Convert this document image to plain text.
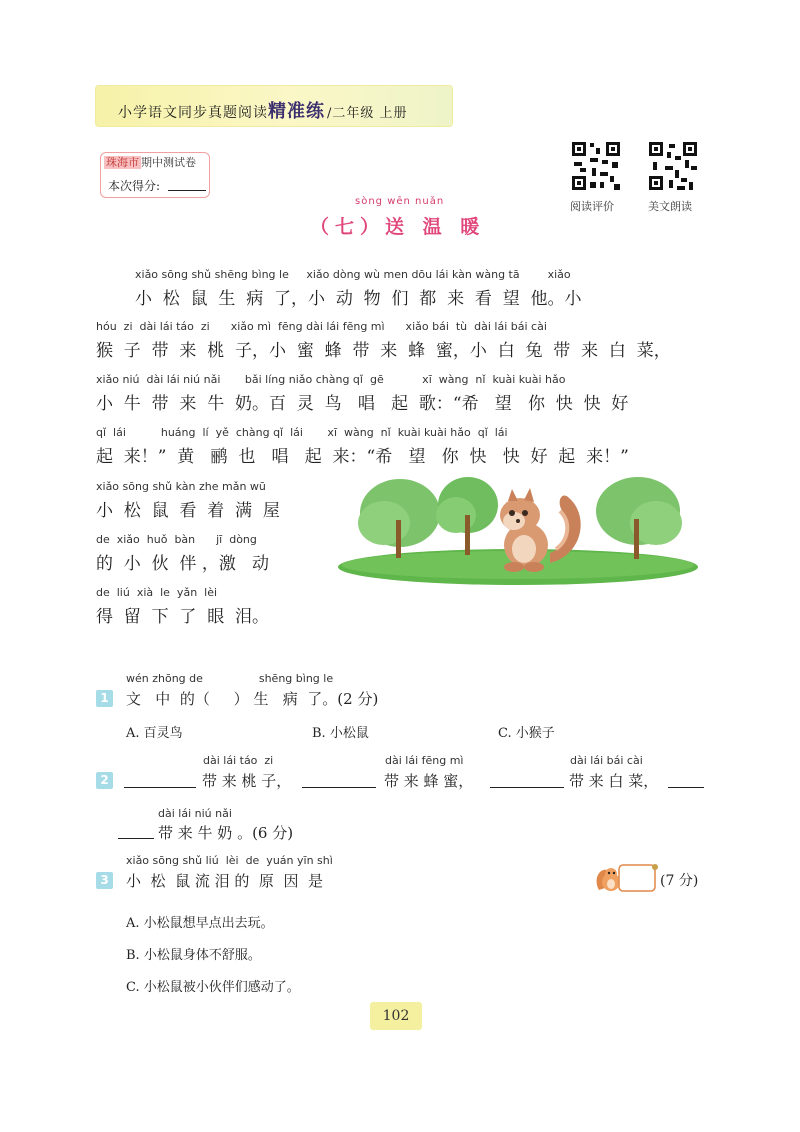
小学语文同步真题阅读精准练 /二年级 上册
珠海市 期中测试卷
本次得分:
阅读评价	美文朗读
sòng wēn nuǎn
（七）送 温 暖
xiǎo sōng shǔ shēng bìng le     xiǎo dòng wù men dōu lái kàn wàng tā        xiǎo
小  松  鼠  生  病  了，小  动  物  们  都  来  看  望  他。小
hóu  zi  dài lái táo  zi      xiǎo mì  fēng dài lái fēng mì      xiǎo bái  tù  dài lái bái cài
猴  子  带  来  桃  子，小  蜜  蜂  带  来  蜂  蜜，小  白  兔  带  来  白  菜，
xiǎo niú  dài lái niú nǎi       bǎi líng niǎo chàng qǐ  gē           xī  wàng  nǐ  kuài kuài hǎo
小  牛  带  来  牛  奶。百  灵  鸟   唱   起  歌：“希   望   你  快  快  好
qǐ  lái          huáng  lí  yě  chàng qǐ  lái       xī  wàng  nǐ  kuài kuài hǎo  qǐ  lái
起  来！”  黄   鹂  也   唱   起  来：“希   望   你  快   快  好  起  来！”
xiǎo sōng shǔ kàn zhe mǎn wū
小  松  鼠  看  着  满  屋
de  xiǎo  huǒ  bàn      jī  dòng
的  小  伙  伴 ，激   动
de  liú  xià  le  yǎn  lèi
得  留  下  了  眼  泪。
wén zhōng de                shēng bìng le
1 文   中  的（     ） 生   病  了。(2 分)
A. 百灵鸟	B. 小松鼠	C. 小猴子
dài lái táo  zi	dài lái fēng mì	dài lái bái cài
2	带 来 桃 子，	带 来 蜂 蜜，	带 来 白 菜，
dài lái niú nǎi
带 来 牛 奶 。(6 分)
xiǎo sōng shǔ liú  lèi  de  yuán yīn shì
3 小  松  鼠 流 泪 的  原  因  是	(7 分)
A. 小松鼠想早点出去玩。
B. 小松鼠身体不舒服。
C. 小松鼠被小伙伴们感动了。
102
